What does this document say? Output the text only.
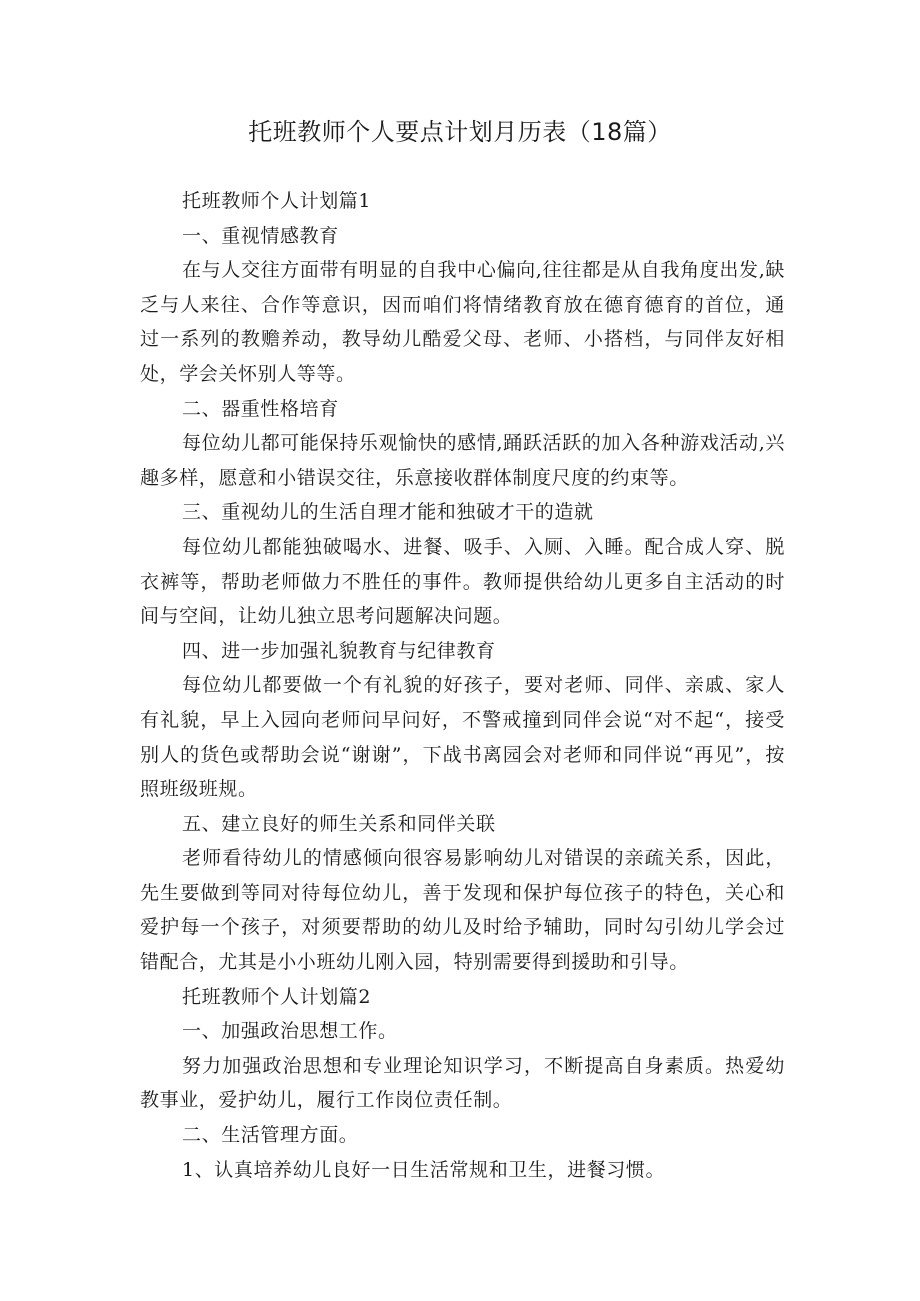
托班教师个人要点计划月历表（18篇）

托班教师个人计划篇1

一、重视情感教育

在与人交往方面带有明显的自我中心偏向,往往都是从自我角度出发,缺乏与人来往、合作等意识，因而咱们将情绪教育放在德育德育的首位，通过一系列的教赡养动，教导幼儿酷爱父母、老师、小搭档，与同伴友好相处，学会关怀别人等等。

二、器重性格培育

每位幼儿都可能保持乐观愉快的感情,踊跃活跃的加入各种游戏活动,兴趣多样，愿意和小错误交往，乐意接收群体制度尺度的约束等。

三、重视幼儿的生活自理才能和独破才干的造就

每位幼儿都能独破喝水、进餐、吸手、入厕、入睡。配合成人穿、脱衣裤等，帮助老师做力不胜任的事件。教师提供给幼儿更多自主活动的时间与空间，让幼儿独立思考问题解决问题。

四、进一步加强礼貌教育与纪律教育

每位幼儿都要做一个有礼貌的好孩子，要对老师、同伴、亲戚、家人有礼貌，早上入园向老师问早问好，不警戒撞到同伴会说“对不起“，接受别人的货色或帮助会说“谢谢”，下战书离园会对老师和同伴说“再见”，按照班级班规。

五、建立良好的师生关系和同伴关联

老师看待幼儿的情感倾向很容易影响幼儿对错误的亲疏关系，因此，先生要做到等同对待每位幼儿，善于发现和保护每位孩子的特色，关心和爱护每一个孩子，对须要帮助的幼儿及时给予辅助，同时勾引幼儿学会过错配合，尤其是小小班幼儿刚入园，特别需要得到援助和引导。

托班教师个人计划篇2

一、加强政治思想工作。

努力加强政治思想和专业理论知识学习，不断提高自身素质。热爱幼教事业，爱护幼儿，履行工作岗位责任制。

二、生活管理方面。

1、认真培养幼儿良好一日生活常规和卫生，进餐习惯。
